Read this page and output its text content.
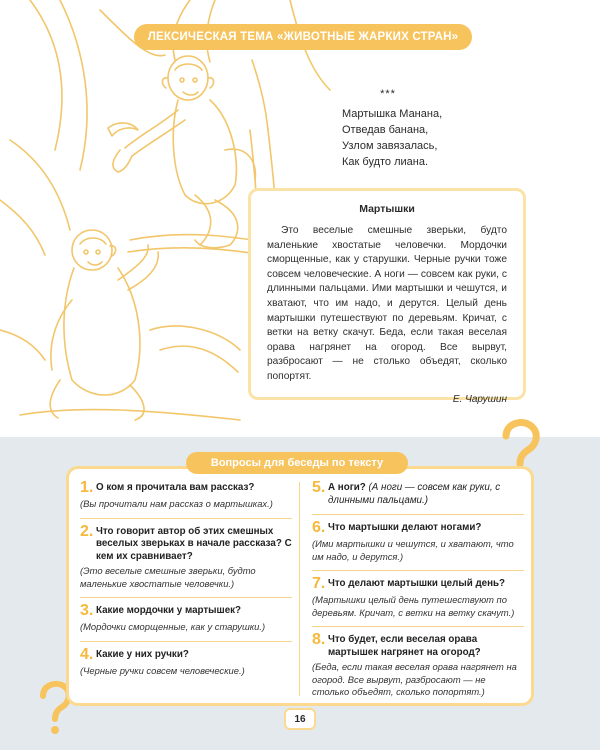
ЛЕКСИЧЕСКАЯ ТЕМА «ЖИВОТНЫЕ ЖАРКИХ СТРАН»
***
Мартышка Манана,
Отведав банана,
Узлом завязалась,
Как будто лиана.
Мартышки
Это веселые смешные зверьки, будто маленькие хвостатые человечки. Мордочки сморщенные, как у старушки. Черные ручки тоже совсем человеческие. А ноги — совсем как руки, с длинными пальцами. Ими мартышки и чешутся, и хватают, что им надо, и дерутся. Целый день мартышки путешествуют по деревьям. Кричат, с ветки на ветку скачут. Беда, если такая веселая орава нагрянет на огород. Все вырвут, разбросают — не столько объедят, сколько попортят.
Е. Чарушин
Вопросы для беседы по тексту
1. О ком я прочитала вам рассказ?
(Вы прочитали нам рассказ о мартышках.)
2. Что говорит автор об этих смешных веселых зверьках в начале рассказа? С кем их сравнивает?
(Это веселые смешные зверьки, будто маленькие хвостатые человечки.)
3. Какие мордочки у мартышек?
(Мордочки сморщенные, как у старушки.)
4. Какие у них ручки?
(Черные ручки совсем человеческие.)
5. А ноги? (А ноги — совсем как руки, с длинными пальцами.)
6. Что мартышки делают ногами?
(Ими мартышки и чешутся, и хватают, что им надо, и дерутся.)
7. Что делают мартышки целый день?
(Мартышки целый день путешествуют по деревьям. Кричат, с ветки на ветку скачут.)
8. Что будет, если веселая орава мартышек нагрянет на огород?
(Беда, если такая веселая орава нагрянет на огород. Все вырвут, разбросают — не столько объедят, сколько попортят.)
16
